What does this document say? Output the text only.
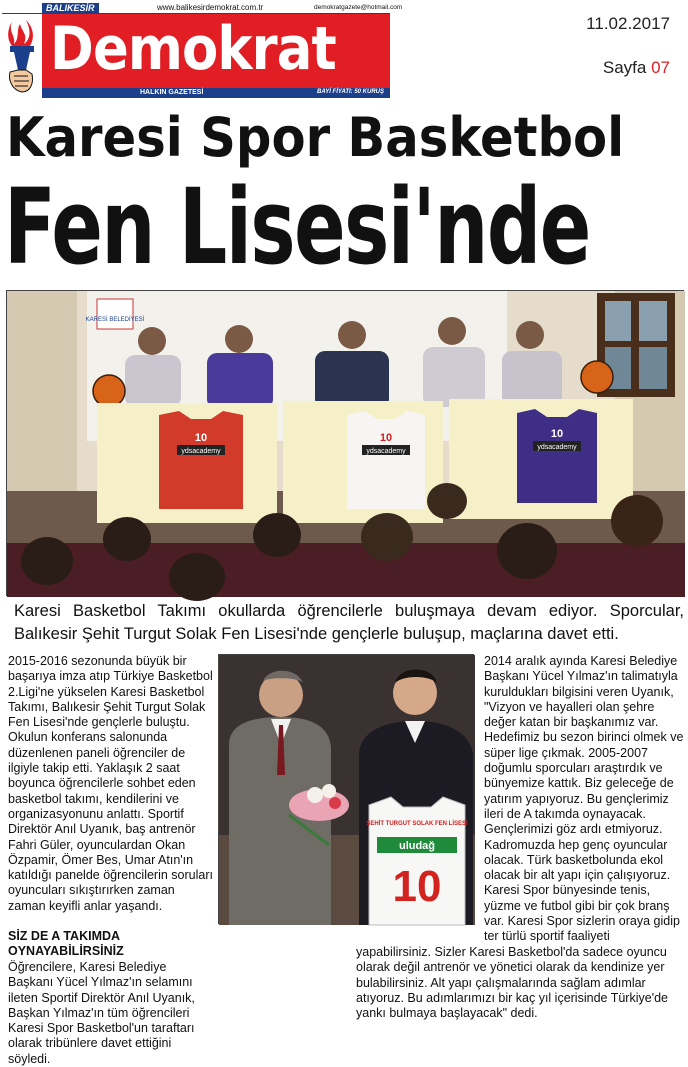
BALIKESİR	www.balikesirdemokrat.com.tr	demokratgazete@hotmail.com
Demokrat
HALKIN GAZETESİ	BAYİ FİYATI: 50 KURUŞ
11.02.2017
Sayfa 07
Karesi Spor Basketbol
Fen Lisesi'nde
KARESİ BELEDİYESİ
10	10	10
ydsacademy	ydsacademy
ydsacademy
Karesi Basketbol Takımı okullarda öğrencilerle buluşmaya devam ediyor. Sporcular, Balıkesir Şehit Turgut Solak Fen Lisesi'nde gençlerle buluşup, maçlarına davet etti.
2015-2016 sezonunda büyük bir başarıya imza atıp Türkiye Basketbol 2.Ligi'ne yükselen Karesi Basketbol Takımı, Balıkesir Şehit Turgut Solak Fen Lisesi'nde gençlerle buluştu. Okulun konferans salonunda düzenlenen paneli öğrenciler de ilgiyle takip etti. Yaklaşık 2 saat boyunca öğrencilerle sohbet eden basketbol takımı, kendilerini ve organizasyonunu anlattı. Sportif Direktör Anıl Uyanık, baş antrenör Fahri Güler, oyunculardan Okan Özpamir, Ömer Bes, Umar Atın'ın katıldığı panelde öğrencilerin soruları oyuncuları sıkıştırırken zaman zaman keyifli anlar yaşandı.
SİZ DE A TAKIMDA OYNAYABİLİRSİNİZ
Öğrencilere, Karesi Belediye Başkanı Yücel Yılmaz'ın selamını ileten Sportif Direktör Anıl Uyanık, Başkan Yılmaz'ın tüm öğrencileri Karesi Spor Basketbol'un taraftarı olarak tribünlere davet ettiğini söyledi.
ŞEHİT TURGUT SOLAK FEN LİSESİ
uludağ
10
2014 aralık ayında Karesi Belediye Başkanı Yücel Yılmaz'ın talimatıyla kuruldukları bilgisini veren Uyanık, "Vizyon ve hayalleri olan şehre değer katan bir başkanımız var. Hedefimiz bu sezon birinci olmek ve süper lige çıkmak. 2005-2007 doğumlu sporcuları araştırdık ve bünyemize kattık. Biz geleceğe de yatırım yapıyoruz. Bu gençlerimiz ileri de A takımda oynayacak. Gençlerimizi göz ardı etmiyoruz. Kadromuzda hep genç oyuncular olacak. Türk basketbolunda ekol olacak bir alt yapı için çalışıyoruz. Karesi Spor bünyesinde tenis, yüzme ve futbol gibi bir çok branş var. Karesi Spor sizlerin oraya gidip ter türlü sportif faaliyeti
yapabilirsiniz. Sizler Karesi Basketbol'da sadece oyuncu olarak değil antrenör ve yönetici olarak da kendinize yer bulabilirsiniz. Alt yapı çalışmalarında sağlam adımlar atıyoruz. Bu adımlarımızı bir kaç yıl içerisinde Türkiye'de yankı bulmaya başlayacak" dedi.
